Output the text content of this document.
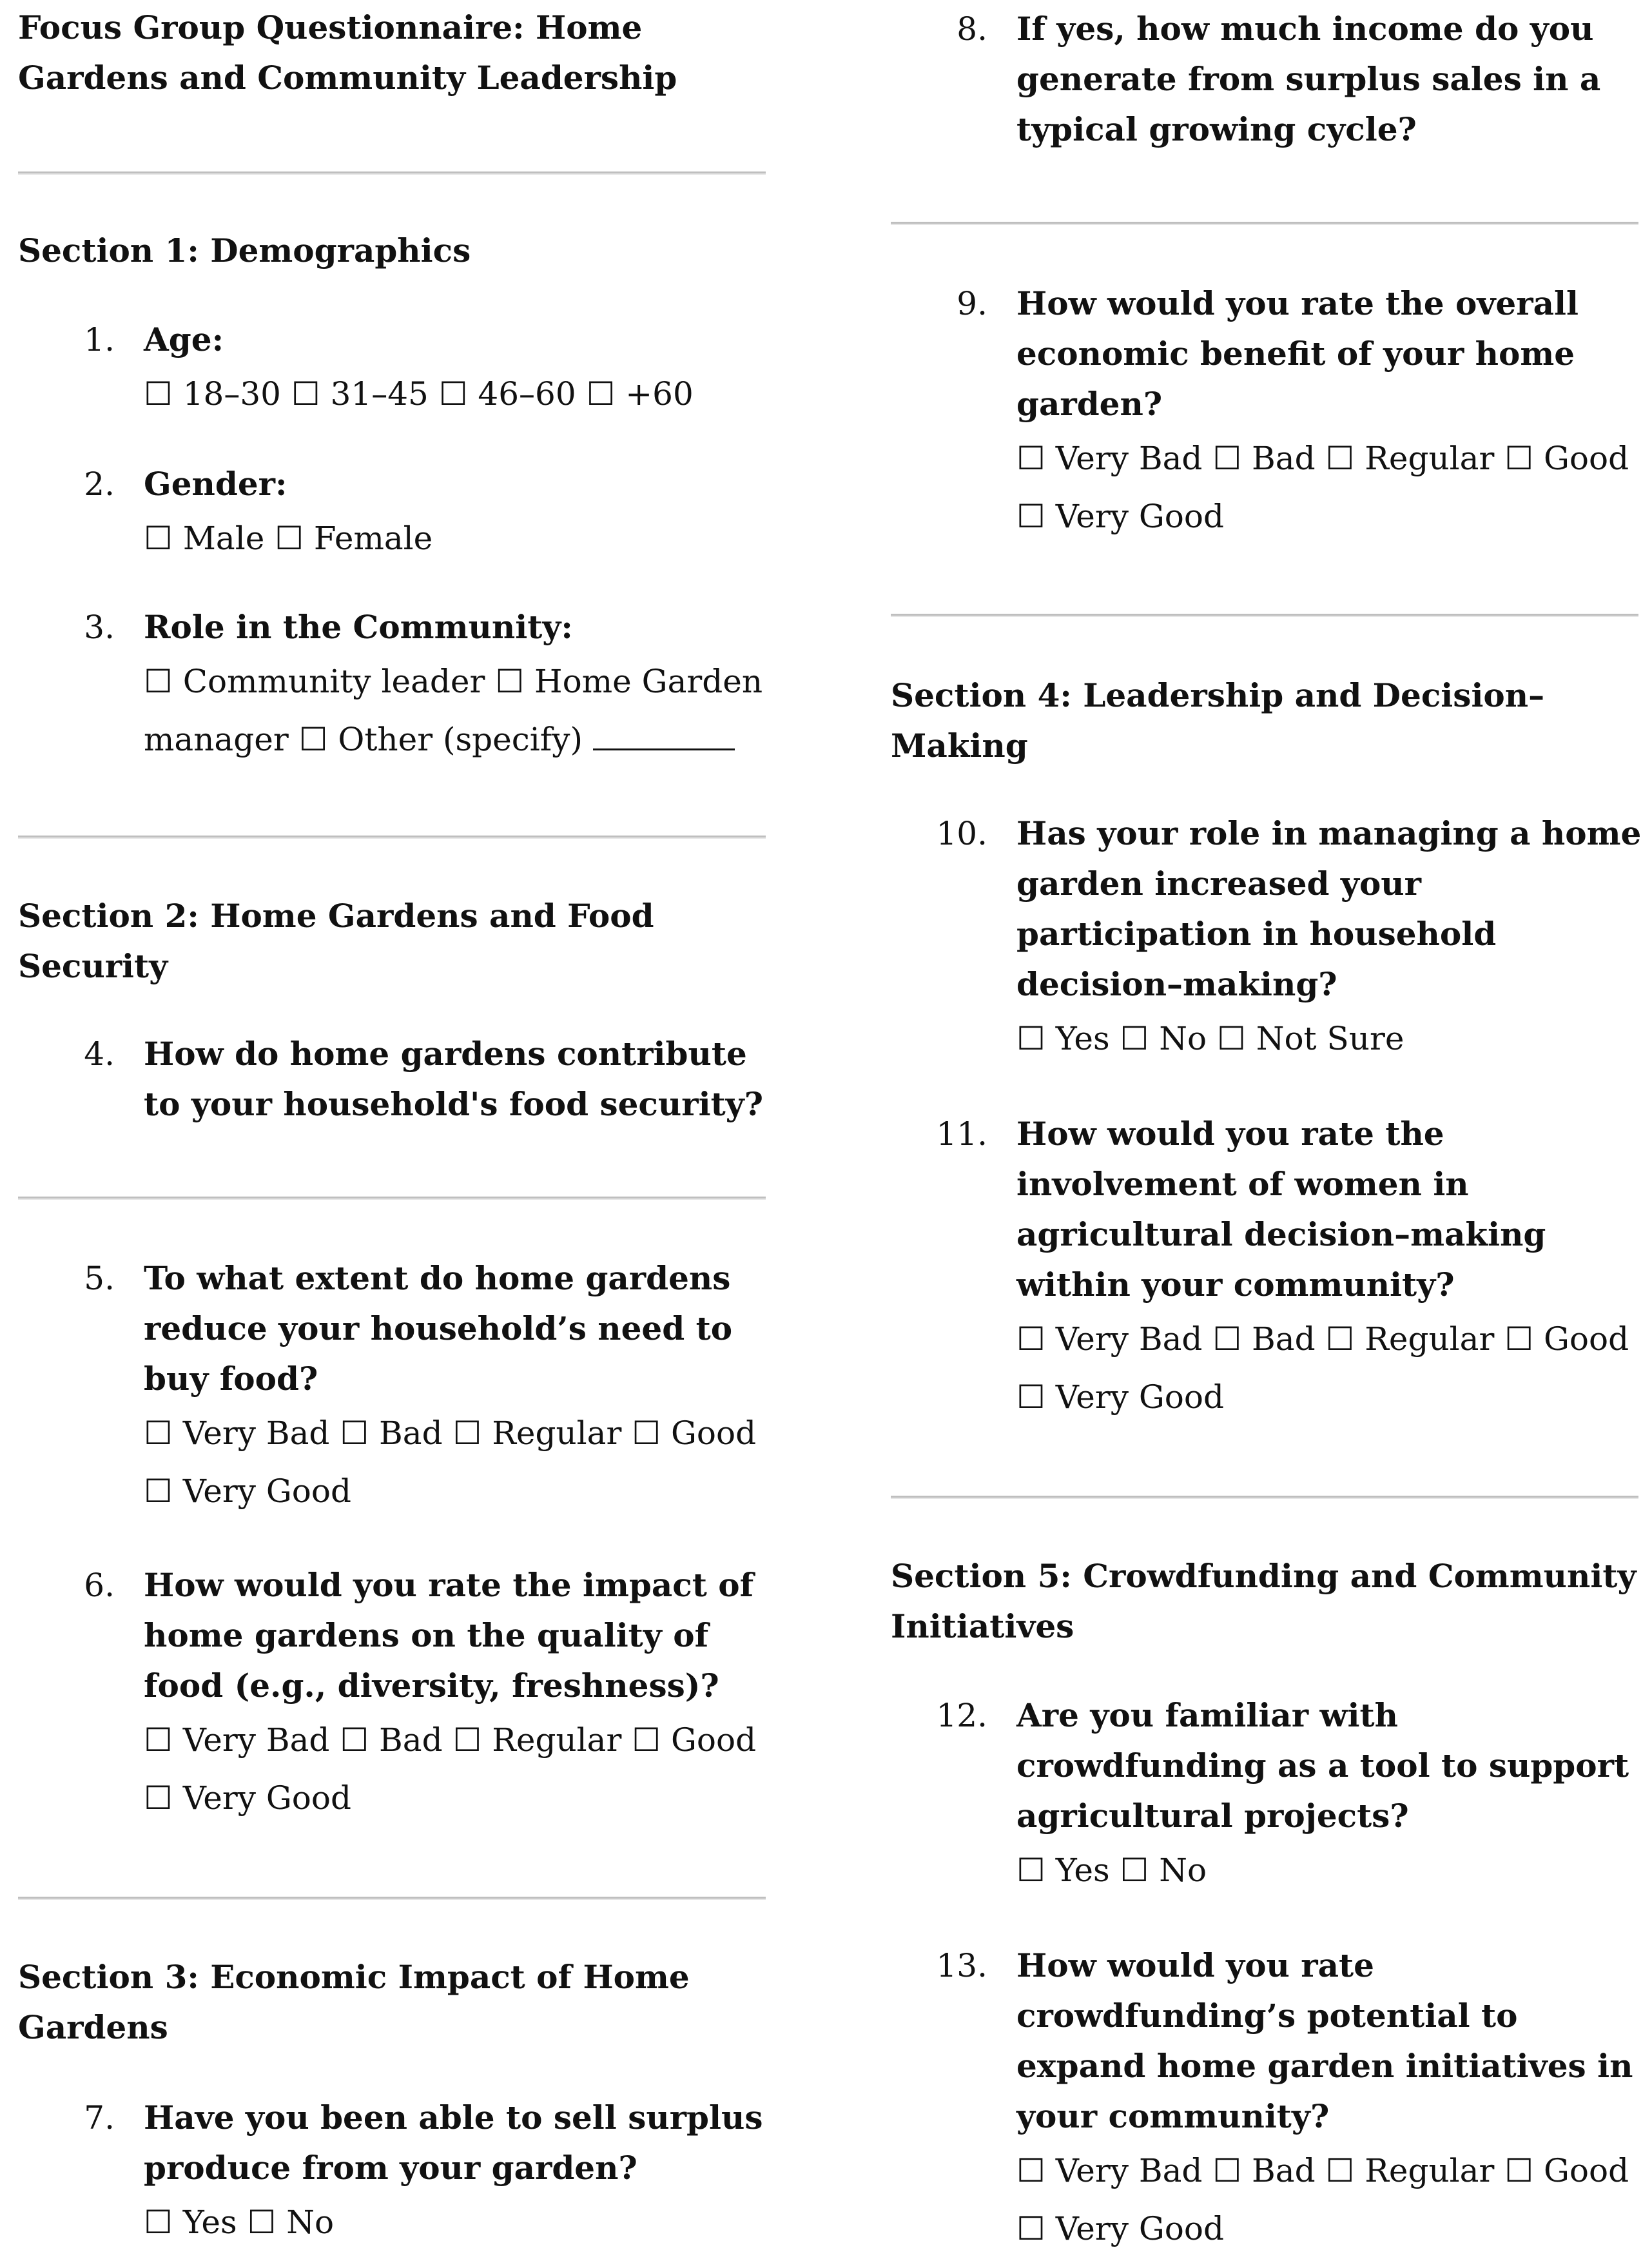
Focus Group Questionnaire: Home
Gardens and Community Leadership
Section 1: Demographics
1. Age:
☐ 18–30 ☐ 31–45 ☐ 46–60 ☐ +60
2. Gender:
☐ Male ☐ Female
3. Role in the Community:
☐ Community leader ☐ Home Garden
manager ☐ Other (specify)
Section 2: Home Gardens and Food
Security
4. How do home gardens contribute
to your household's food security?
5. To what extent do home gardens
reduce your household’s need to
buy food?
☐ Very Bad ☐ Bad ☐ Regular ☐ Good
☐ Very Good
6. How would you rate the impact of
home gardens on the quality of
food (e.g., diversity, freshness)?
☐ Very Bad ☐ Bad ☐ Regular ☐ Good
☐ Very Good
Section 3: Economic Impact of Home
Gardens
7. Have you been able to sell surplus
produce from your garden?
☐ Yes ☐ No
8. If yes, how much income do you
generate from surplus sales in a
typical growing cycle?
9. How would you rate the overall
economic benefit of your home
garden?
☐ Very Bad ☐ Bad ☐ Regular ☐ Good
☐ Very Good
Section 4: Leadership and Decision–
Making
10. Has your role in managing a home
garden increased your
participation in household
decision–making?
☐ Yes ☐ No ☐ Not Sure
11. How would you rate the
involvement of women in
agricultural decision–making
within your community?
☐ Very Bad ☐ Bad ☐ Regular ☐ Good
☐ Very Good
Section 5: Crowdfunding and Community
Initiatives
12. Are you familiar with
crowdfunding as a tool to support
agricultural projects?
☐ Yes ☐ No
13. How would you rate
crowdfunding’s potential to
expand home garden initiatives in
your community?
☐ Very Bad ☐ Bad ☐ Regular ☐ Good
☐ Very Good
